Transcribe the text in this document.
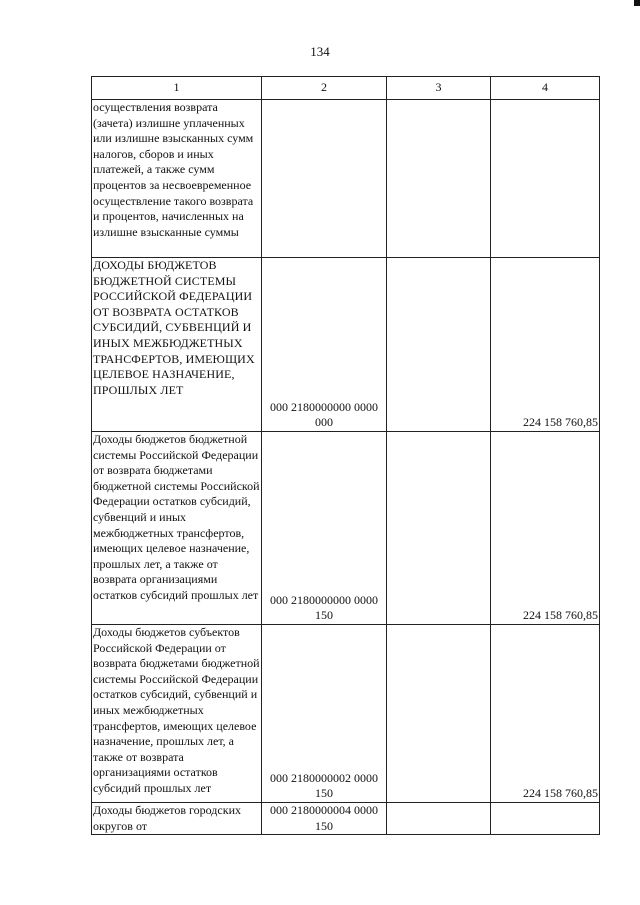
134
1	2	3	4
осуществления возврата (зачета) излишне уплаченных или излишне взысканных сумм налогов, сборов и иных платежей, а также сумм процентов за несвоевременное осуществление такого возврата и процентов, начисленных на излишне взысканные суммы			
ДОХОДЫ БЮДЖЕТОВ БЮДЖЕТНОЙ СИСТЕМЫ РОССИЙСКОЙ ФЕДЕРАЦИИ ОТ ВОЗВРАТА ОСТАТКОВ СУБСИДИЙ, СУБВЕНЦИЙ И ИНЫХ МЕЖБЮДЖЕТНЫХ ТРАНСФЕРТОВ, ИМЕЮЩИХ ЦЕЛЕВОЕ НАЗНАЧЕНИЕ, ПРОШЛЫХ ЛЕТ	000 2180000000 0000 000		224 158 760,85
Доходы бюджетов бюджетной системы Российской Федерации от возврата бюджетами бюджетной системы Российской Федерации остатков субсидий, субвенций и иных межбюджетных трансфертов, имеющих целевое назначение, прошлых лет, а также от возврата организациями остатков субсидий прошлых лет	000 2180000000 0000 150		224 158 760,85
Доходы бюджетов субъектов Российской Федерации от возврата бюджетами бюджетной системы Российской Федерации остатков субсидий, субвенций и иных межбюджетных трансфертов, имеющих целевое назначение, прошлых лет, а также от возврата организациями остатков субсидий прошлых лет	000 2180000002 0000 150		224 158 760,85
Доходы бюджетов городских округов от	000 2180000004 0000 150		
